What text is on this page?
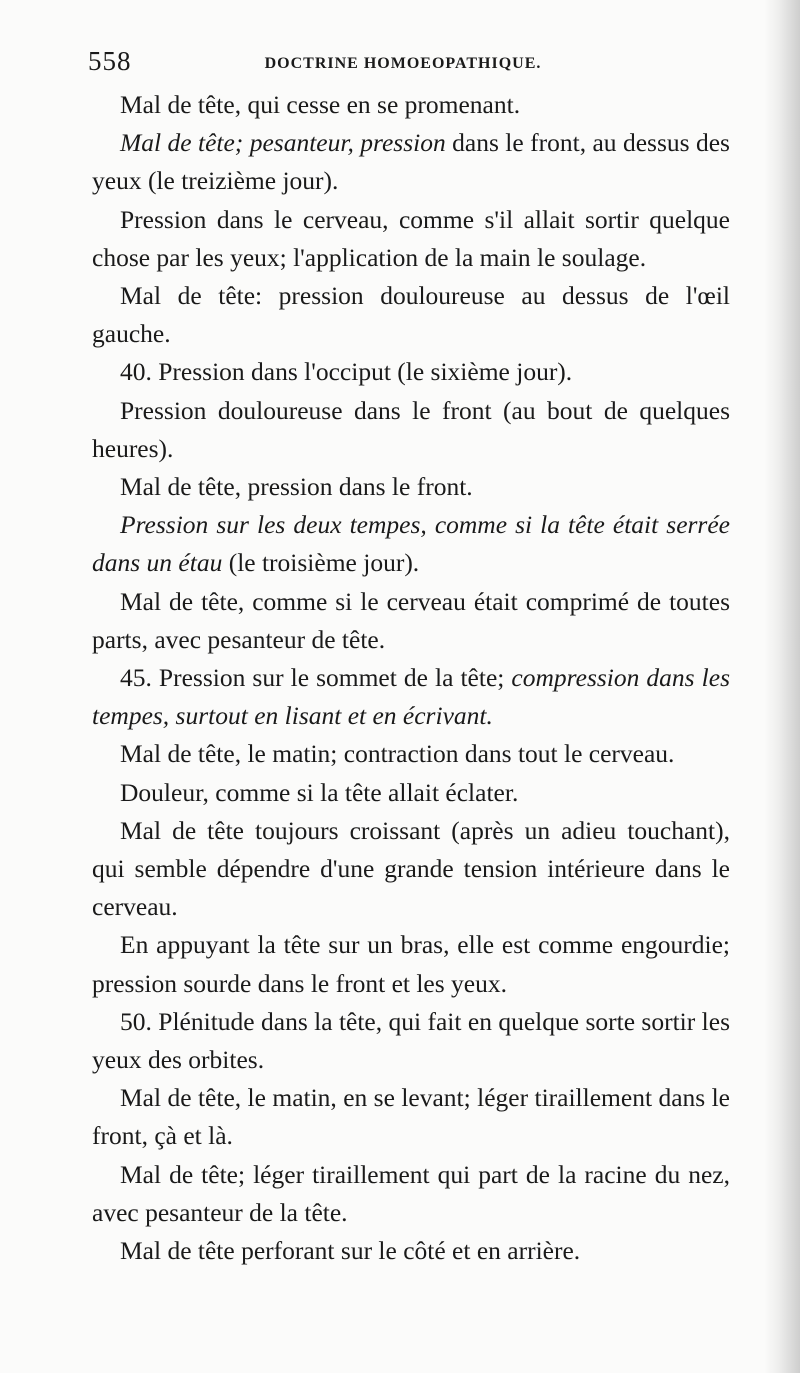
558	DOCTRINE HOMOEOPATHIQUE.

Mal de tête, qui cesse en se promenant.

Mal de tête; pesanteur, pression dans le front, au dessus des yeux (le treizième jour).

Pression dans le cerveau, comme s'il allait sortir quelque chose par les yeux; l'application de la main le soulage.

Mal de tête: pression douloureuse au dessus de l'œil gauche.

40. Pression dans l'occiput (le sixième jour).

Pression douloureuse dans le front (au bout de quelques heures).

Mal de tête, pression dans le front.

Pression sur les deux tempes, comme si la tête était serrée dans un étau (le troisième jour).

Mal de tête, comme si le cerveau était comprimé de toutes parts, avec pesanteur de tête.

45. Pression sur le sommet de la tête; compression dans les tempes, surtout en lisant et en écrivant.

Mal de tête, le matin; contraction dans tout le cerveau.

Douleur, comme si la tête allait éclater.

Mal de tête toujours croissant (après un adieu touchant), qui semble dépendre d'une grande tension intérieure dans le cerveau.

En appuyant la tête sur un bras, elle est comme engourdie; pression sourde dans le front et les yeux.

50. Plénitude dans la tête, qui fait en quelque sorte sortir les yeux des orbites.

Mal de tête, le matin, en se levant; léger tiraillement dans le front, çà et là.

Mal de tête; léger tiraillement qui part de la racine du nez, avec pesanteur de la tête.

Mal de tête perforant sur le côté et en arrière.
